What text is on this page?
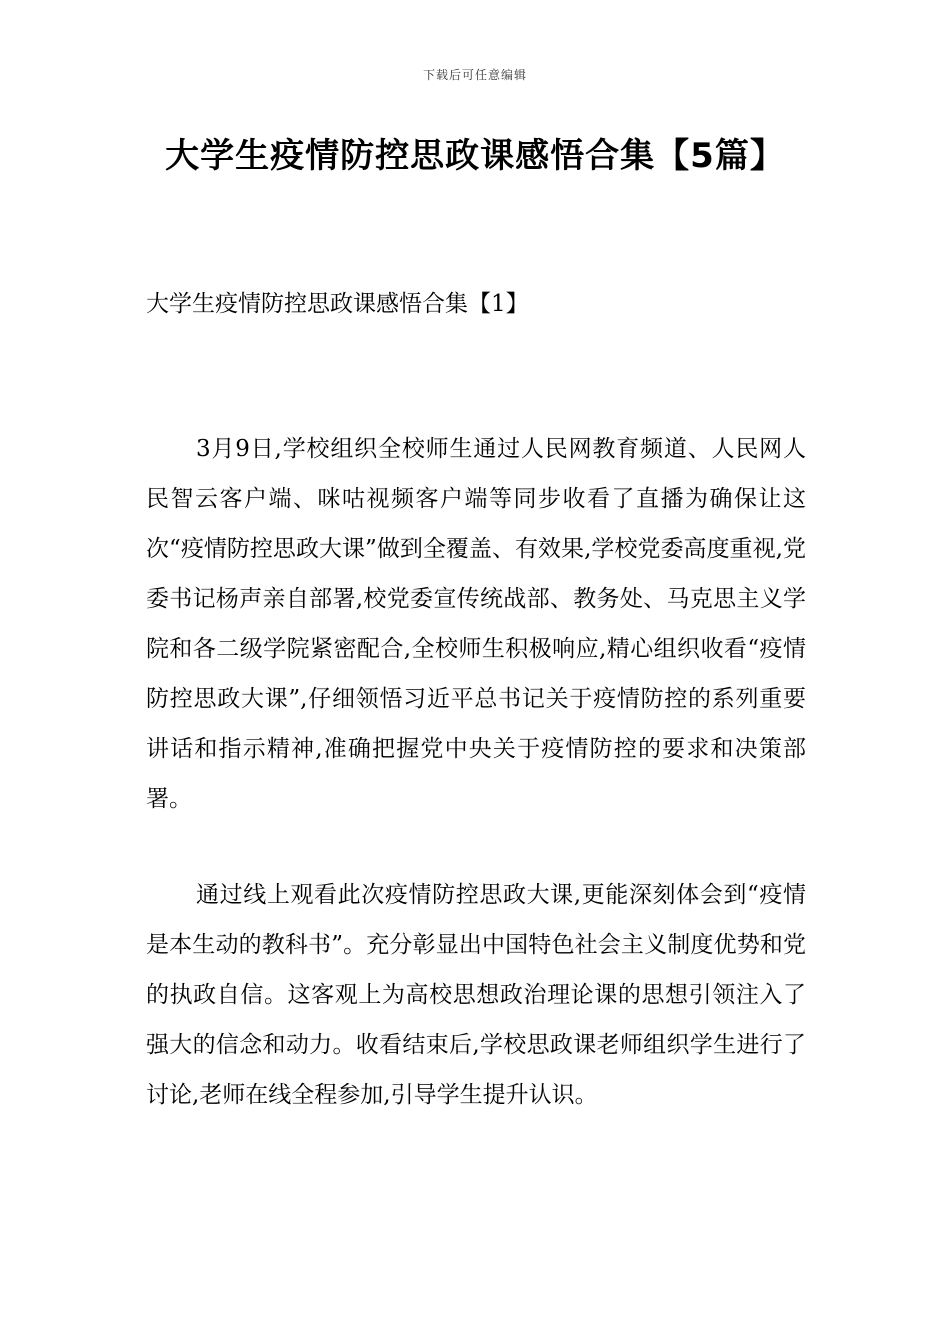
下载后可任意编辑
大学生疫情防控思政课感悟合集【5篇】
大学生疫情防控思政课感悟合集【1】

3月9日,学校组织全校师生通过人民网教育频道、人民网人民智云客户端、咪咕视频客户端等同步收看了直播为确保让这次“疫情防控思政大课”做到全覆盖、有效果,学校党委高度重视,党委书记杨声亲自部署,校党委宣传统战部、教务处、马克思主义学院和各二级学院紧密配合,全校师生积极响应,精心组织收看“疫情防控思政大课”,仔细领悟习近平总书记关于疫情防控的系列重要讲话和指示精神,准确把握党中央关于疫情防控的要求和决策部署。

通过线上观看此次疫情防控思政大课,更能深刻体会到“疫情是本生动的教科书”。充分彰显出中国特色社会主义制度优势和党的执政自信。这客观上为高校思想政治理论课的思想引领注入了强大的信念和动力。收看结束后,学校思政课老师组织学生进行了讨论,老师在线全程参加,引导学生提升认识。
